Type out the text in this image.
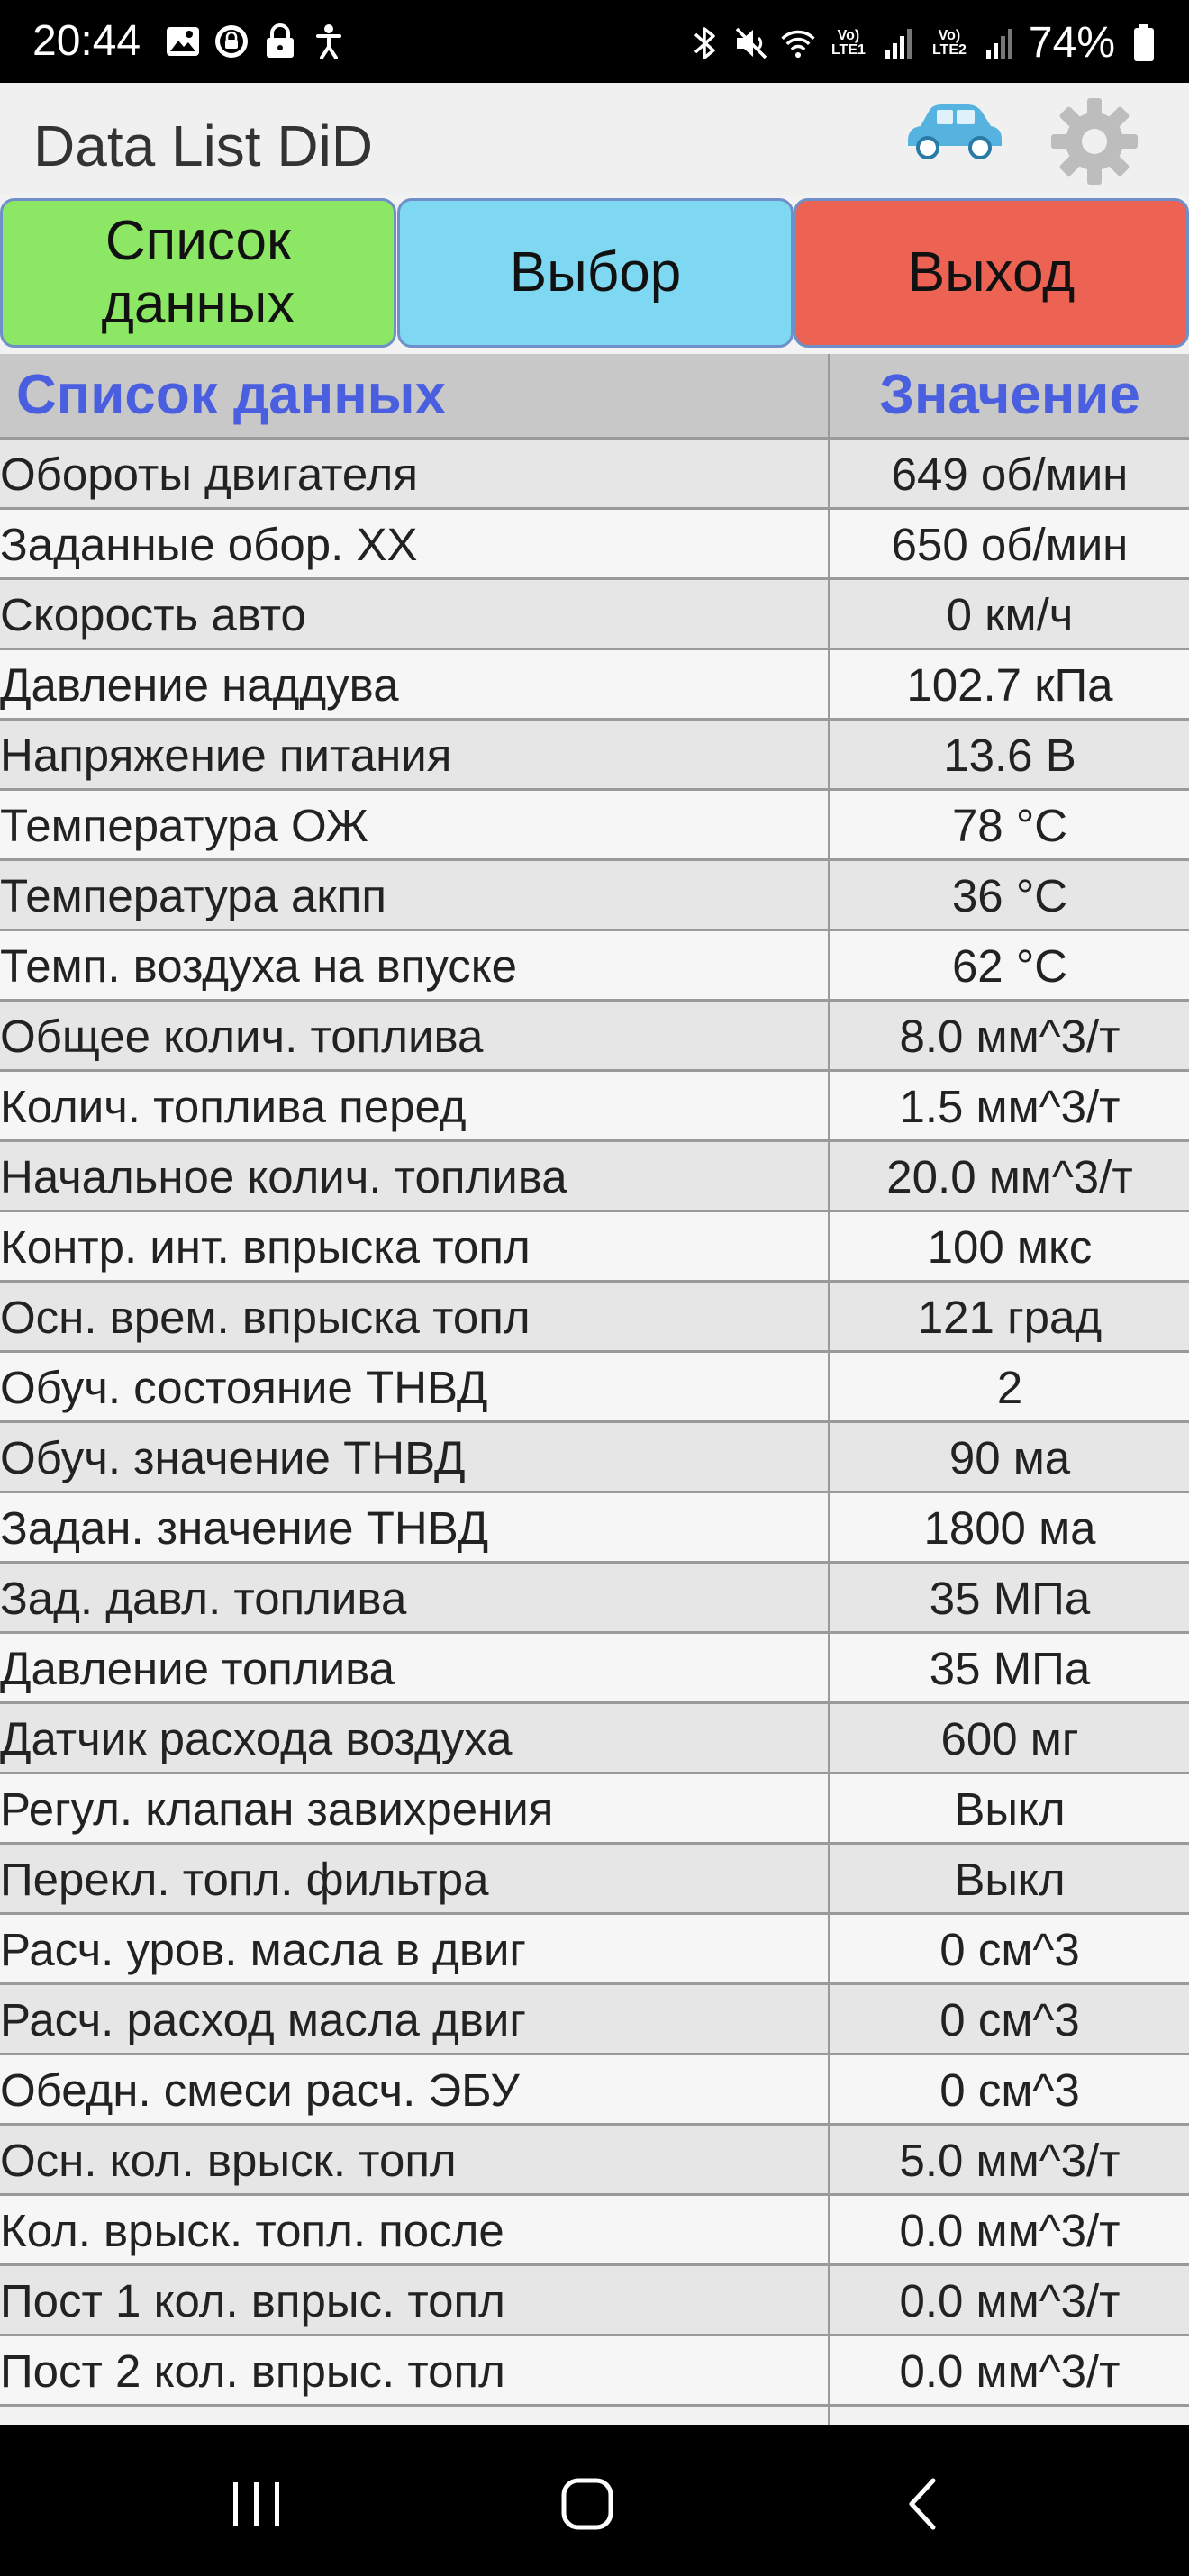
20:44	Vo) LTE1
Vo) LTE2 74%
Data List DiD
Список данных
Выбор	Выход
Список данных	Значение
Обороты двигателя	649 об/мин
Заданные обор. ХХ	650 об/мин
Скорость авто	0 км/ч
Давление наддува	102.7 кПа
Напряжение питания	13.6 В
Температура ОЖ	78 °C
Температура акпп	36 °C
Темп. воздуха на впуске	62 °C
Общее колич. топлива	8.0 мм^3/т
Колич. топлива перед	1.5 мм^3/т
Начальное колич. топлива	20.0 мм^3/т
Контр. инт. впрыска топл	100 мкс
Осн. врем. впрыска топл	121 град
Обуч. состояние ТНВД	2
Обуч. значение ТНВД	90 ма
Задан. значение ТНВД	1800 ма
Зад. давл. топлива	35 МПа
Давление топлива	35 МПа
Датчик расхода воздуха	600 мг
Регул. клапан завихрения	Выкл
Перекл. топл. фильтра	Выкл
Расч. уров. масла в двиг	0 см^3
Расч. расход масла двиг	0 см^3
Обедн. смеси расч. ЭБУ	0 см^3
Осн. кол. врыск. топл	5.0 мм^3/т
Кол. врыск. топл. после	0.0 мм^3/т
Пост 1 кол. впрыс. топл	0.0 мм^3/т
Пост 2 кол. впрыс. топл	0.0 мм^3/т
